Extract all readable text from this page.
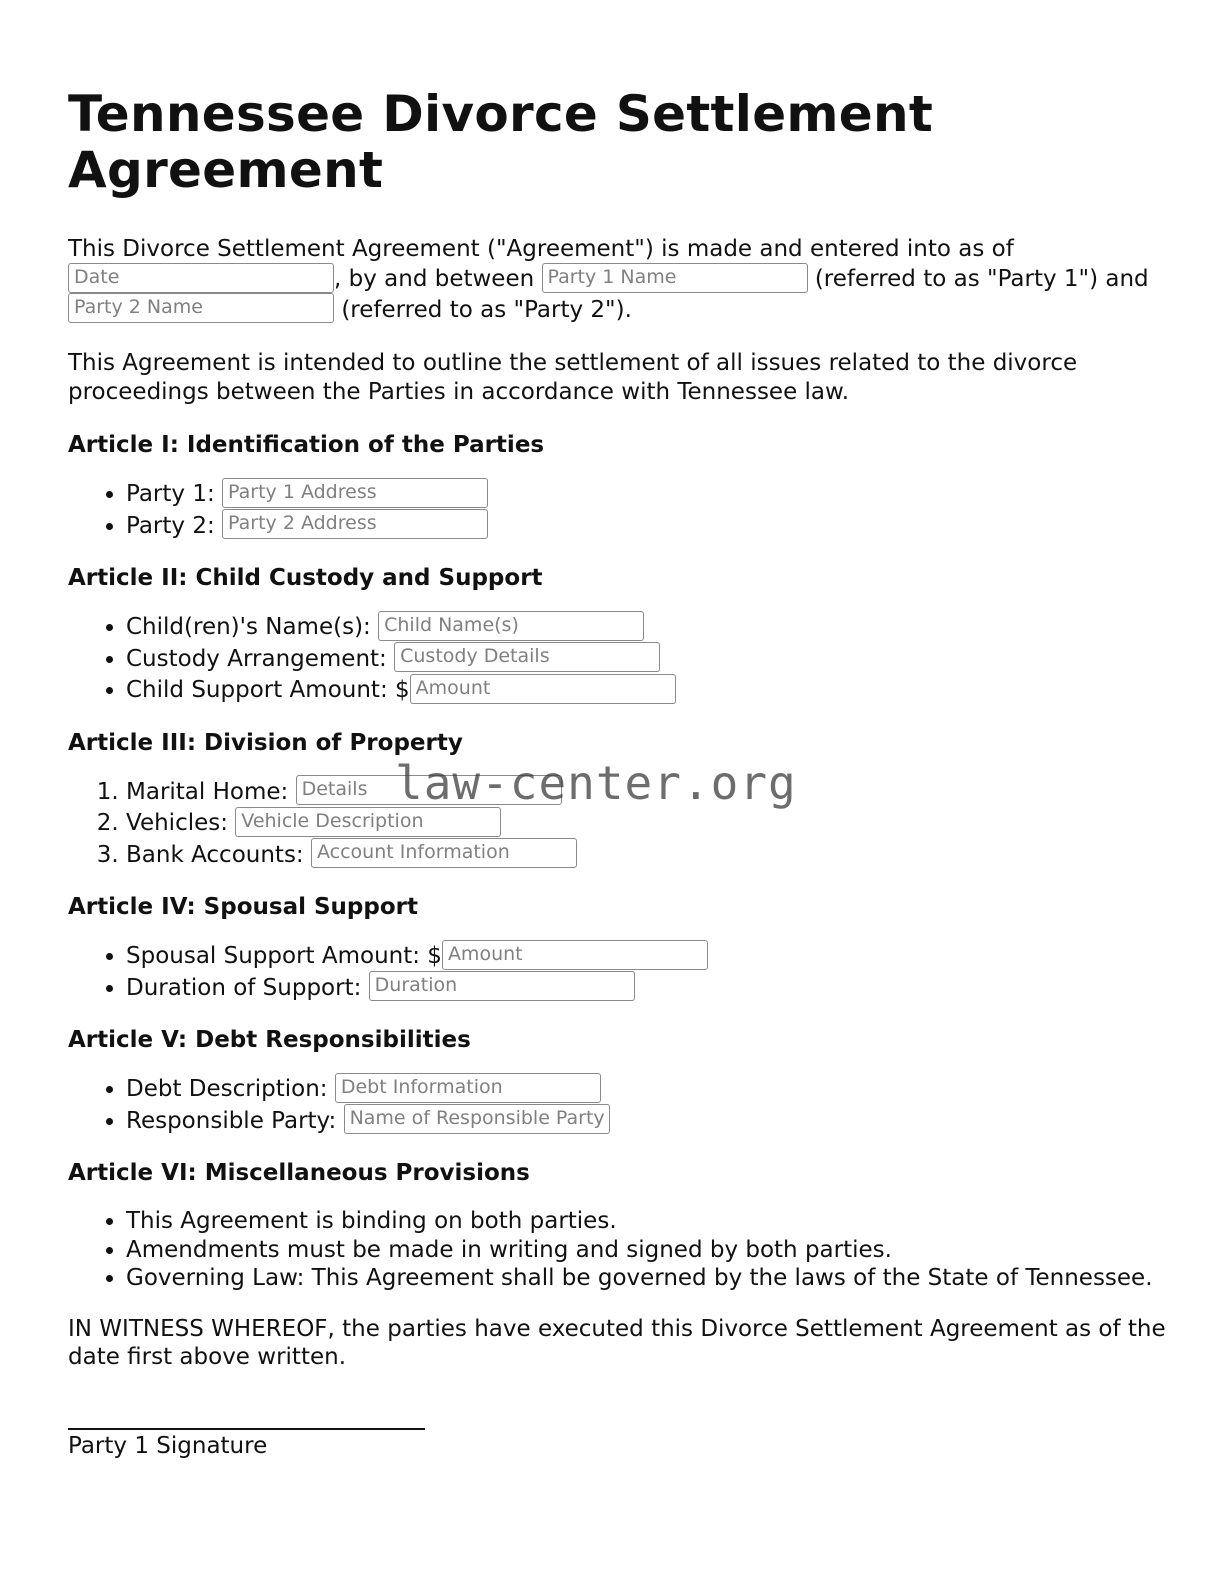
Tennessee Divorce Settlement Agreement

This Divorce Settlement Agreement ("Agreement") is made and entered into as of Date	, by and between Party 1 Name	(referred to as "Party 1") and Party 2 Name	(referred to as "Party 2").

This Agreement is intended to outline the settlement of all issues related to the divorce proceedings between the Parties in accordance with Tennessee law.

Article I: Identification of the Parties
• Party 1: Party 1 Address
• Party 2: Party 2 Address
Article II: Child Custody and Support
• Child(ren)'s Name(s): Child Name(s)
• Custody Arrangement: Custody Details
• Child Support Amount: $ Amount
Article III: Division of Property
1. Marital Home: Details
2. Vehicles: Vehicle Description
3. Bank Accounts: Account Information
Article IV: Spousal Support
• Spousal Support Amount: $ Amount
• Duration of Support: Duration
Article V: Debt Responsibilities
• Debt Description: Debt Information
• Responsible Party: Name of Responsible Party
Article VI: Miscellaneous Provisions
• This Agreement is binding on both parties.
• Amendments must be made in writing and signed by both parties.
• Governing Law: This Agreement shall be governed by the laws of the State of Tennessee.

IN WITNESS WHEREOF, the parties have executed this Divorce Settlement Agreement as of the date first above written.

Party 1 Signature
law-center.org
